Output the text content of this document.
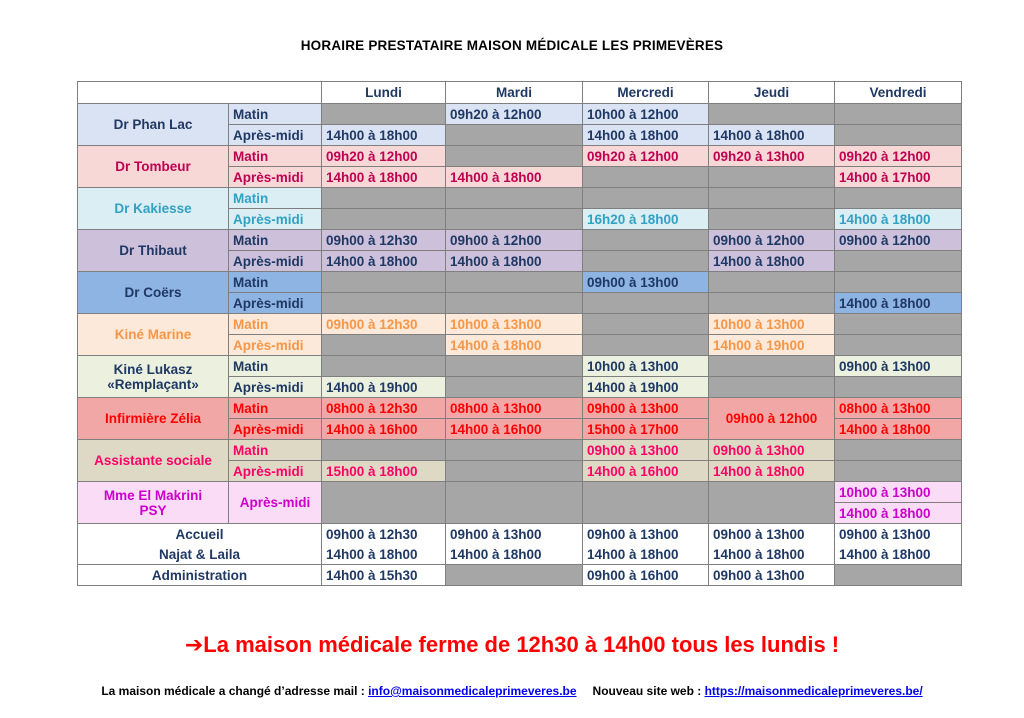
HORAIRE PRESTATAIRE MAISON MÉDICALE LES PRIMEVÈRES
		Lundi	Mardi	Mercredi	Jeudi	Vendredi
Dr Phan Lac	Matin		09h20 à 12h00	10h00 à 12h00		
	Après-midi	14h00 à 18h00		14h00 à 18h00	14h00 à 18h00	
Dr Tombeur	Matin	09h20 à 12h00		09h20 à 12h00	09h20 à 13h00	09h20 à 12h00
	Après-midi	14h00 à 18h00	14h00 à 18h00			14h00 à 17h00
Dr Kakiesse	Matin					
	Après-midi			16h20 à 18h00		14h00 à 18h00
Dr Thibaut	Matin	09h00 à 12h30	09h00 à 12h00		09h00 à 12h00	09h00 à 12h00
	Après-midi	14h00 à 18h00	14h00 à 18h00		14h00 à 18h00	
Dr Coërs	Matin			09h00 à 13h00		
	Après-midi					14h00 à 18h00
Kiné Marine	Matin	09h00 à 12h30	10h00 à 13h00		10h00 à 13h00	
	Après-midi		14h00 à 18h00		14h00 à 19h00	
Kiné Lukasz
«Remplaçant»	Matin			10h00 à 13h00		09h00 à 13h00
	Après-midi	14h00 à 19h00		14h00 à 19h00		
Infirmière Zélia	Matin	08h00 à 12h30	08h00 à 13h00	09h00 à 13h00	09h00 à 12h00	08h00 à 13h00
	Après-midi	14h00 à 16h00	14h00 à 16h00	15h00 à 17h00		14h00 à 18h00
Assistante sociale	Matin			09h00 à 13h00	09h00 à 13h00	
	Après-midi	15h00 à 18h00		14h00 à 16h00	14h00 à 18h00	
Mme El Makrini
PSY	Après-midi					10h00 à 13h00
						14h00 à 18h00
Accueil		09h00 à 12h30	09h00 à 13h00	09h00 à 13h00	09h00 à 13h00	09h00 à 13h00
Najat & Laila		14h00 à 18h00	14h00 à 18h00	14h00 à 18h00	14h00 à 18h00	14h00 à 18h00
Administration		14h00 à 15h30		09h00 à 16h00	09h00 à 13h00	
➔La maison médicale ferme de 12h30 à 14h00 tous les lundis !
La maison médicale a changé d’adresse mail : info@maisonmedicaleprimeveres.be Nouveau site web : https://maisonmedicaleprimeveres.be/
